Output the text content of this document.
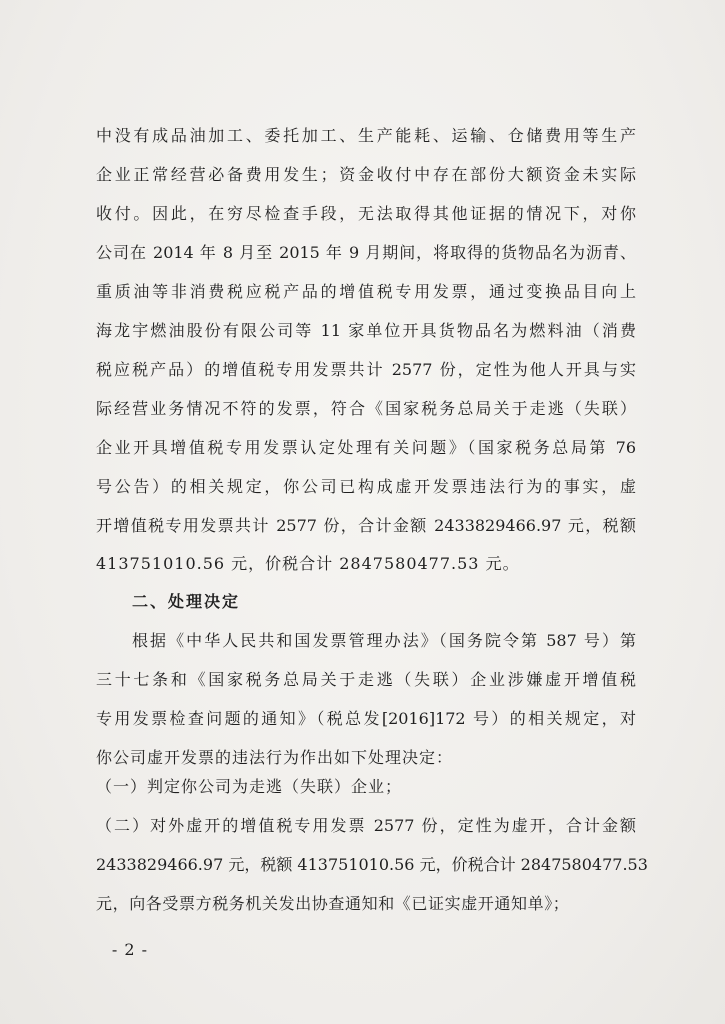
中没有成品油加工、委托加工、生产能耗、运输、仓储费用等生产
企业正常经营必备费用发生；资金收付中存在部份大额资金未实际
收付。因此，在穷尽检查手段，无法取得其他证据的情况下，对你
公司在 2014 年 8 月至 2015 年 9 月期间，将取得的货物品名为沥青、
重质油等非消费税应税产品的增值税专用发票，通过变换品目向上
海龙宇燃油股份有限公司等 11 家单位开具货物品名为燃料油（消费
税应税产品）的增值税专用发票共计 2577 份，定性为他人开具与实
际经营业务情况不符的发票，符合《国家税务总局关于走逃（失联）
企业开具增值税专用发票认定处理有关问题》（国家税务总局第 76
号公告）的相关规定，你公司已构成虚开发票违法行为的事实，虚
开增值税专用发票共计 2577 份，合计金额 2433829466.97 元，税额
413751010.56 元，价税合计 2847580477.53 元。
二、处理决定
根据《中华人民共和国发票管理办法》（国务院令第 587 号）第
三十七条和《国家税务总局关于走逃（失联）企业涉嫌虚开增值税
专用发票检查问题的通知》（税总发[2016]172 号）的相关规定，对
你公司虚开发票的违法行为作出如下处理决定：
（一）判定你公司为走逃（失联）企业；
（二）对外虚开的增值税专用发票 2577 份，定性为虚开，合计金额
2433829466.97 元，税额 413751010.56 元，价税合计 2847580477.53
元，向各受票方税务机关发出协查通知和《已证实虚开通知单》；
- 2 -
